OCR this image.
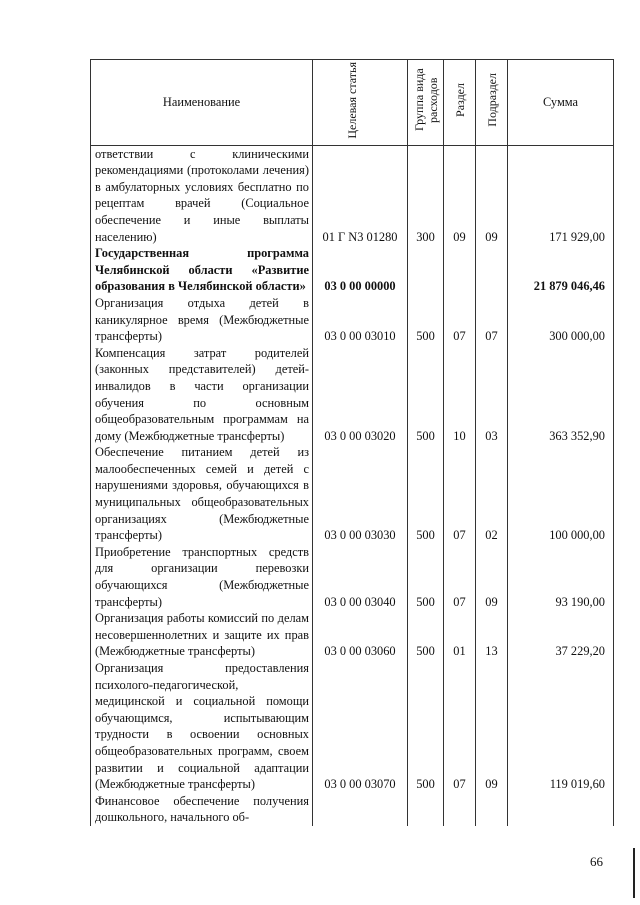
Наименование	Целевая статья	Группа вида расходов	Раздел	Подраздел	Сумма
ответствии с клиническими рекомендациями (протоколами лечения) в амбулаторных условиях бесплатно по рецептам врачей (Социальное обеспечение и иные выплаты населению)	01 Г N3 01280	300	09	09	171 929,00
Государственная программа Челябинской области «Развитие образования в Челябинской области»	03 0 00 00000				21 879 046,46
Организация отдыха детей в каникулярное время (Межбюджетные трансферты)	03 0 00 03010	500	07	07	300 000,00
Компенсация затрат родителей (законных представителей) детей-инвалидов в части организации обучения по основным общеобразовательным программам на дому (Межбюджетные трансферты)	03 0 00 03020	500	10	03	363 352,90
Обеспечение питанием детей из малообеспеченных семей и детей с нарушениями здоровья, обучающихся в муниципальных общеобразовательных организациях (Межбюджетные трансферты)	03 0 00 03030	500	07	02	100 000,00
Приобретение транспортных средств для организации перевозки обучающихся (Межбюджетные трансферты)	03 0 00 03040	500	07	09	93 190,00
Организация работы комиссий по делам несовершеннолетних и защите их прав (Межбюджетные трансферты)	03 0 00 03060	500	01	13	37 229,20
Организация предоставления психолого-педагогической, медицинской и социальной помощи обучающимся, испытывающим трудности в освоении основных общеобразовательных программ, своем развитии и социальной адаптации (Межбюджетные трансферты)	03 0 00 03070	500	07	09	119 019,60
Финансовое обеспечение получения дошкольного, начального об-					
66
